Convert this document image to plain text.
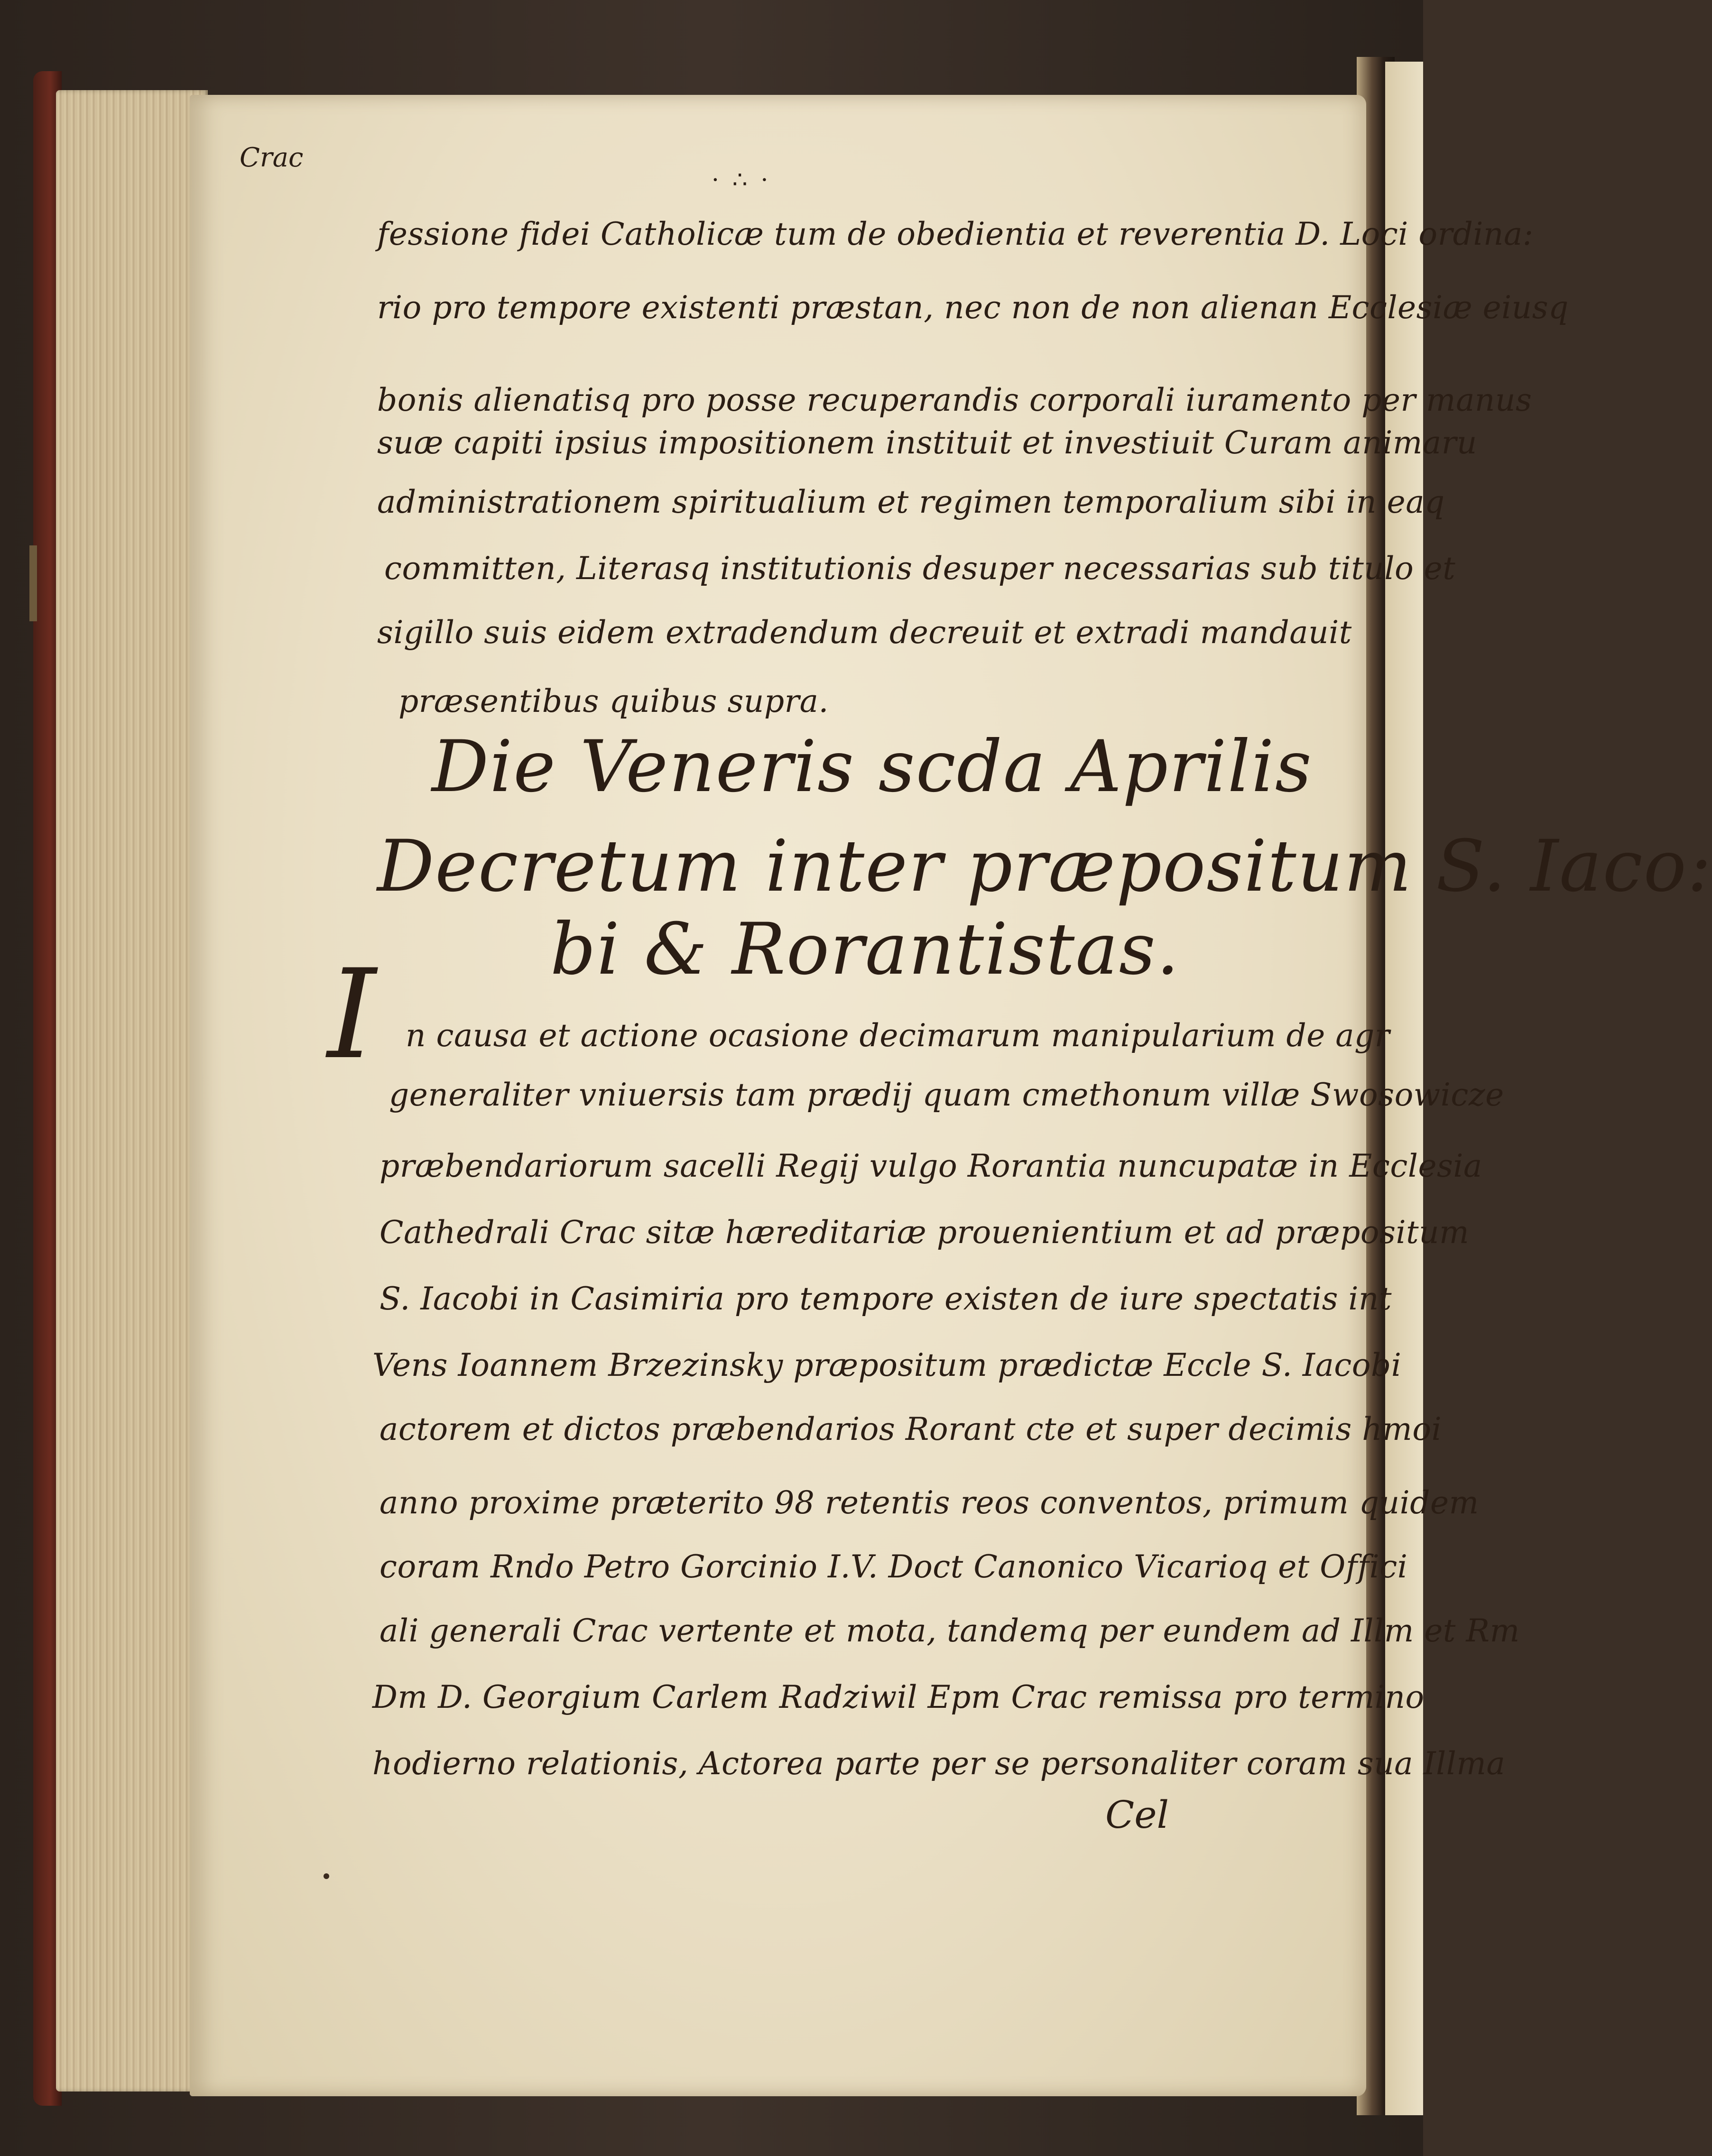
Crac
· ∴ ·
fessione fidei Catholicæ tum de obedientia et reverentia D. Loci ordina:
rio pro tempore existenti præstan, nec non de non alienan Ecclesiæ eiusq
bonis alienatisq pro posse recuperandis corporali iuramento per manus
suæ capiti ipsius impositionem instituit et investiuit Curam animaru
administrationem spiritualium et regimen temporalium sibi in eaq
committen, Literasq institutionis desuper necessarias sub titulo et
sigillo suis eidem extradendum decreuit et extradi mandauit
præsentibus quibus supra.
Die Veneris scda Aprilis
Decretum inter præpositum S. Iaco:
bi & Rorantistas.
I n causa et actione ocasione decimarum manipularium de agr
generaliter vniuersis tam prædij quam cmethonum villæ Swosowicze
præbendariorum sacelli Regij vulgo Rorantia nuncupatæ in Ecclesia
Cathedrali Crac sitæ hæreditariæ prouenientium et ad præpositum
S. Iacobi in Casimiria pro tempore existen de iure spectatis int
Vens Ioannem Brzezinsky præpositum prædictæ Eccle S. Iacobi
actorem et dictos præbendarios Rorant cte et super decimis hmoi
anno proxime præterito 98 retentis reos conventos, primum quidem
coram Rndo Petro Gorcinio I.V. Doct Canonico Vicarioq et Offici
ali generali Crac vertente et mota, tandemq per eundem ad Illm et Rm
Dm D. Georgium Carlem Radziwil Epm Crac remissa pro termino
hodierno relationis, Actorea parte per se personaliter coram sua Illma
Cel
